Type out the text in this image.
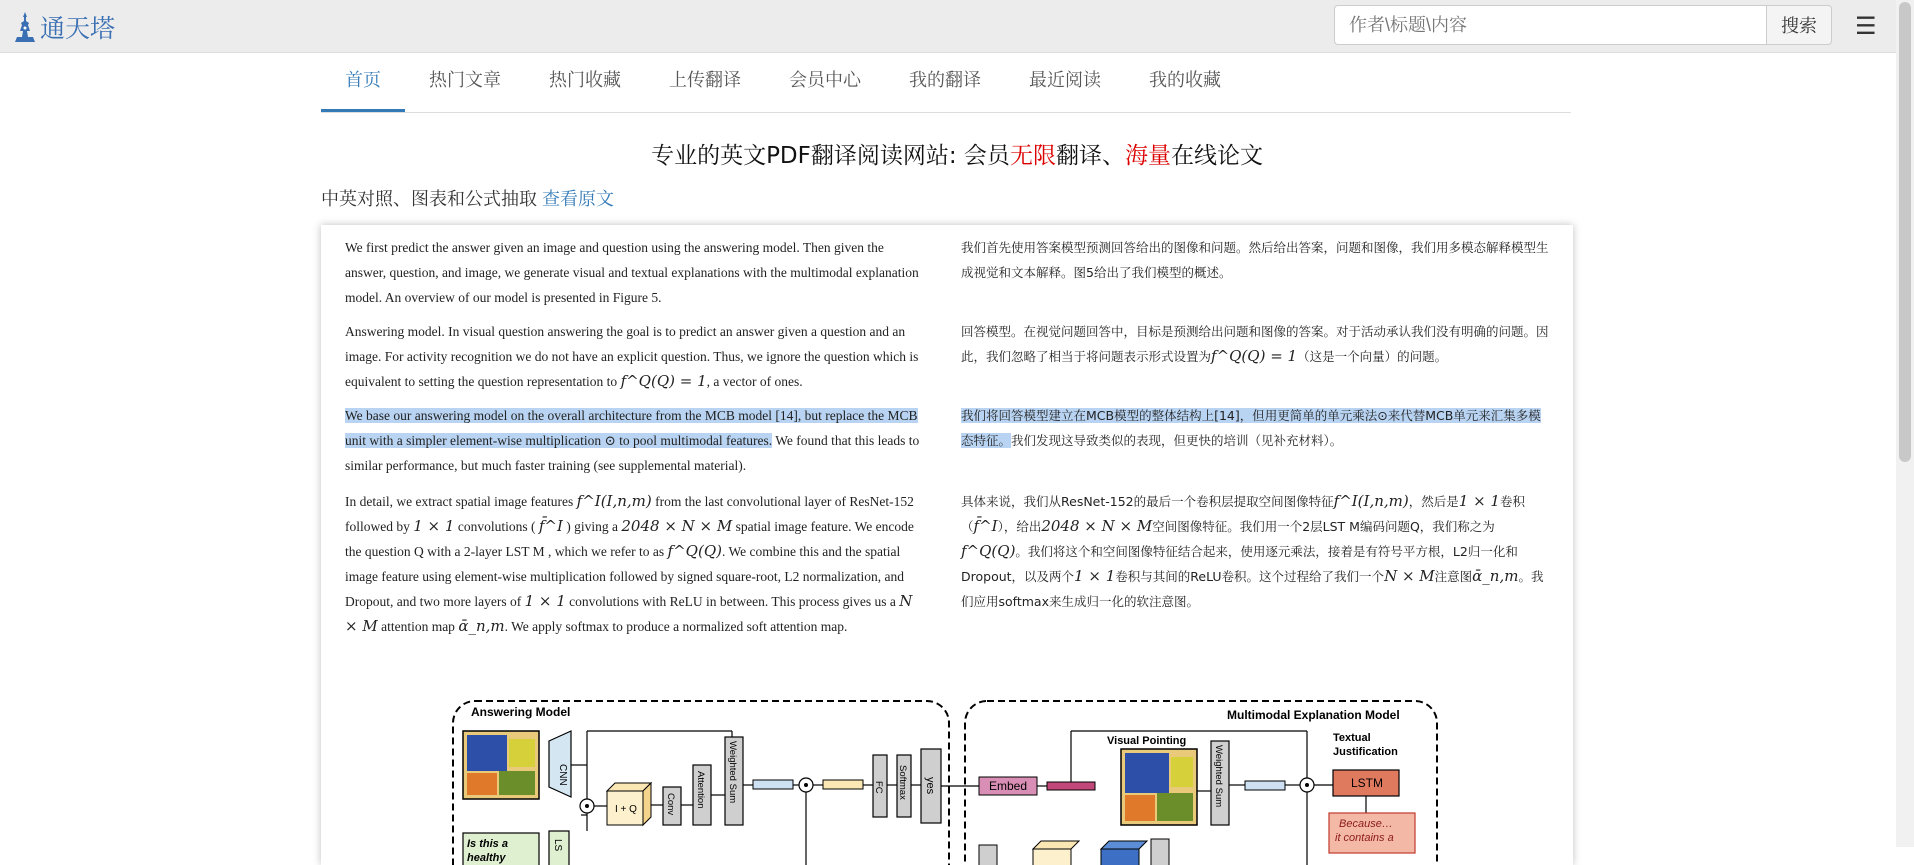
通天塔
作者\标题\内容	搜索	☰
首页	热门文章	热门收藏	上传翻译	会员中心	我的翻译	最近阅读	我的收藏
专业的英文PDF翻译阅读网站: 会员无限翻译、海量在线论文
中英对照、图表和公式抽取 查看原文
We first predict the answer given an image and question using the answering model. Then given the answer, question, and image, we generate visual and textual explanations with the multimodal explanation model. An overview of our model is presented in Figure 5.
Answering model. In visual question answering the goal is to predict an answer given a question and an image. For activity recognition we do not have an explicit question. Thus, we ignore the question which is equivalent to setting the question representation to f^Q(Q) = 1, a vector of ones.
We base our answering model on the overall architecture from the MCB model [14], but replace the MCB unit with a simpler element-wise multiplication ⊙ to pool multimodal features. We found that this leads to similar performance, but much faster training (see supplemental material).
In detail, we extract spatial image features f^I(I,n,m) from the last convolutional layer of ResNet-152 followed by 1 × 1 convolutions ( f̄^I ) giving a 2048 × N × M spatial image feature. We encode the question Q with a 2-layer LST M , which we refer to as f^Q(Q). We combine this and the spatial image feature using element-wise multiplication followed by signed square-root, L2 normalization, and Dropout, and two more layers of 1 × 1 convolutions with ReLU in between. This process gives us a N × M attention map ᾱ_n,m. We apply softmax to produce a normalized soft attention map.
我们首先使用答案模型预测回答给出的图像和问题。然后给出答案，问题和图像，我们用多模态解释模型生成视觉和文本解释。图5给出了我们模型的概述。
回答模型。在视觉问题回答中，目标是预测给出问题和图像的答案。对于活动承认我们没有明确的问题。因此，我们忽略了相当于将问题表示形式设置为f^Q(Q) = 1（这是一个向量）的问题。
我们将回答模型建立在MCB模型的整体结构上[14]，但用更简单的单元乘法⊙来代替MCB单元来汇集多模态特征。我们发现这导致类似的表现，但更快的培训（见补充材料）。
具体来说，我们从ResNet-152的最后一个卷积层提取空间图像特征f^I(I,n,m)，然后是1 × 1卷积（f̄^I），给出2048 × N × M空间图像特征。我们用一个2层LST M编码问题Q，我们称之为f^Q(Q)。我们将这个和空间图像特征结合起来，使用逐元乘法，接着是有符号平方根，L2归一化和Dropout，以及两个1 × 1卷积与其间的ReLU卷积。这个过程给了我们一个N × M注意图ᾱ_n,m。我们应用softmax来生成归一化的软注意图。
Answering Model	Multimodal Explanation Model
CNN
Is this a
healthy
LS
I + Q	Conv Attention Weighted Sum	FC Softmax yes	Embed
Visual Pointing
Weighted Sum
Textual
Justification
LSTM
Because…
it contains a
